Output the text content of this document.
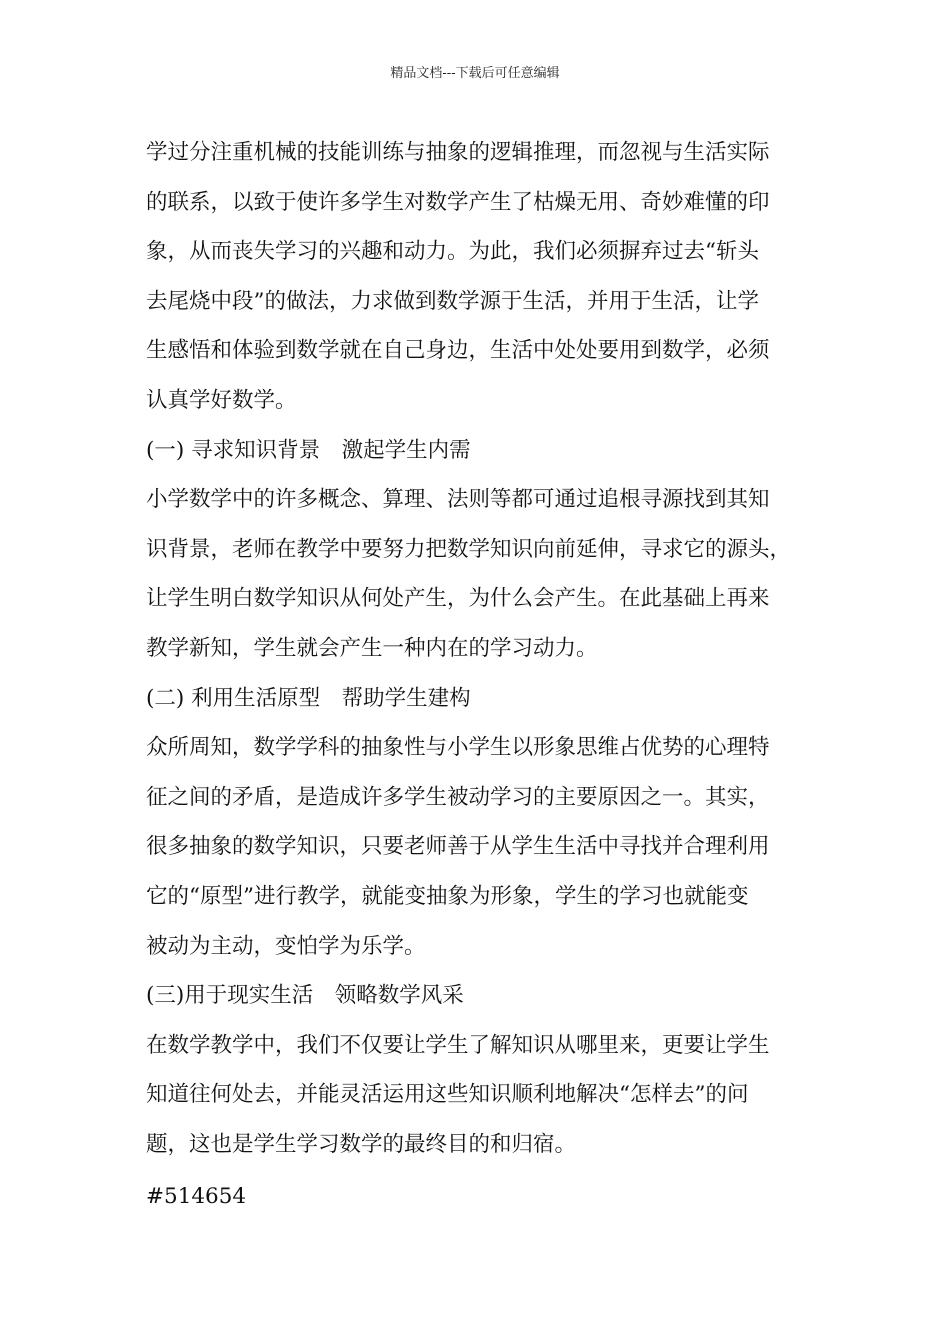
精品文档---下载后可任意编辑
学过分注重机械的技能训练与抽象的逻辑推理，而忽视与生活实际
的联系，以致于使许多学生对数学产生了枯燥无用、奇妙难懂的印
象，从而丧失学习的兴趣和动力。为此，我们必须摒弃过去“斩头
去尾烧中段”的做法，力求做到数学源于生活，并用于生活，让学
生感悟和体验到数学就在自己身边，生活中处处要用到数学，必须
认真学好数学。
(一) 寻求知识背景　激起学生内需
小学数学中的许多概念、算理、法则等都可通过追根寻源找到其知
识背景，老师在教学中要努力把数学知识向前延伸，寻求它的源头，
让学生明白数学知识从何处产生，为什么会产生。在此基础上再来
教学新知，学生就会产生一种内在的学习动力。
(二) 利用生活原型　帮助学生建构
众所周知，数学学科的抽象性与小学生以形象思维占优势的心理特
征之间的矛盾，是造成许多学生被动学习的主要原因之一。其实，
很多抽象的数学知识，只要老师善于从学生生活中寻找并合理利用
它的“原型”进行教学，就能变抽象为形象，学生的学习也就能变
被动为主动，变怕学为乐学。
(三)用于现实生活　领略数学风采
在数学教学中，我们不仅要让学生了解知识从哪里来，更要让学生
知道往何处去，并能灵活运用这些知识顺利地解决“怎样去”的问
题，这也是学生学习数学的最终目的和归宿。
#514654
